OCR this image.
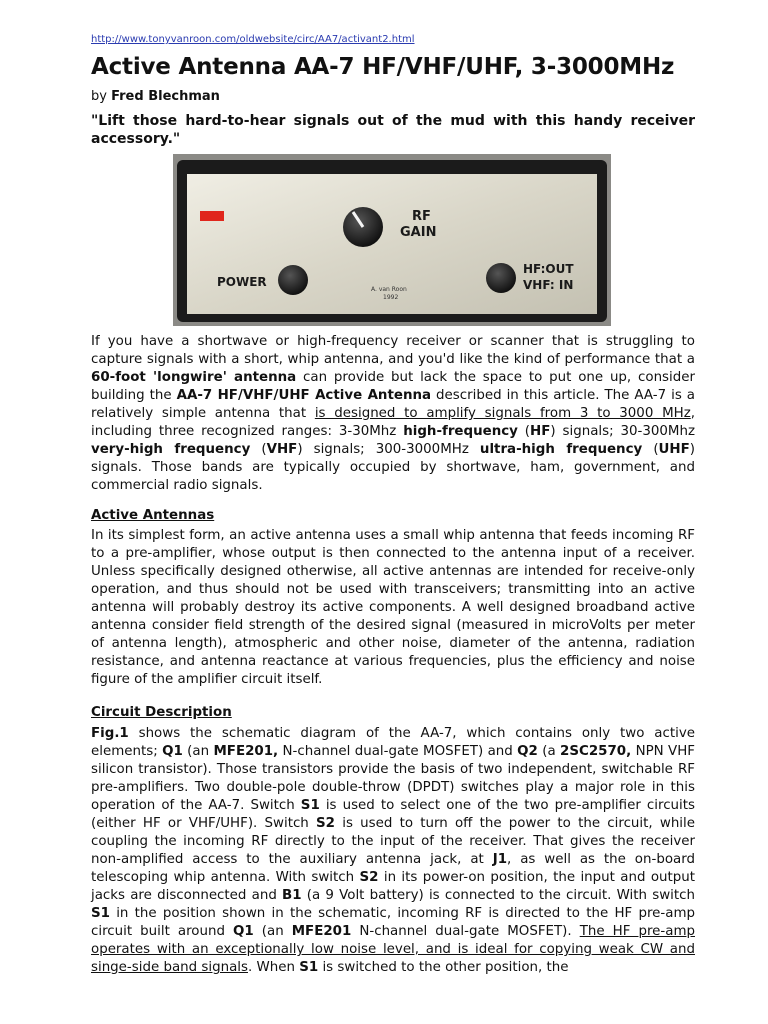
http://www.tonyvanroon.com/oldwebsite/circ/AA7/activant2.html
Active Antenna AA-7 HF/VHF/UHF, 3-3000MHz
by Fred Blechman
"Lift those hard-to-hear signals out of the mud with this handy receiver accessory."
RF
GAIN
POWER
HF:OUT
VHF: IN
A. van Roon
1992
If you have a shortwave or high-frequency receiver or scanner that is struggling to capture signals with a short, whip antenna, and you'd like the kind of performance that a 60-foot 'longwire' antenna can provide but lack the space to put one up, consider building the AA-7 HF/VHF/UHF Active Antenna described in this article. The AA-7 is a relatively simple antenna that is designed to amplify signals from 3 to 3000 MHz, including three recognized ranges: 3-30Mhz high-frequency (HF) signals; 30-300Mhz very-high frequency (VHF) signals; 300-3000MHz ultra-high frequency (UHF) signals. Those bands are typically occupied by shortwave, ham, government, and commercial radio signals.
Active Antennas
In its simplest form, an active antenna uses a small whip antenna that feeds incoming RF to a pre-amplifier, whose output is then connected to the antenna input of a receiver. Unless specifically designed otherwise, all active antennas are intended for receive-only operation, and thus should not be used with transceivers; transmitting into an active antenna will probably destroy its active components. A well designed broadband active antenna consider field strength of the desired signal (measured in microVolts per meter of antenna length), atmospheric and other noise, diameter of the antenna, radiation resistance, and antenna reactance at various frequencies, plus the efficiency and noise figure of the amplifier circuit itself.
Circuit Description
Fig.1 shows the schematic diagram of the AA-7, which contains only two active elements; Q1 (an MFE201, N-channel dual-gate MOSFET) and Q2 (a 2SC2570, NPN VHF silicon transistor). Those transistors provide the basis of two independent, switchable RF pre-amplifiers. Two double-pole double-throw (DPDT) switches play a major role in this operation of the AA-7. Switch S1 is used to select one of the two pre-amplifier circuits (either HF or VHF/UHF). Switch S2 is used to turn off the power to the circuit, while coupling the incoming RF directly to the input of the receiver. That gives the receiver non-amplified access to the auxiliary antenna jack, at J1, as well as the on-board telescoping whip antenna. With switch S2 in its power-on position, the input and output jacks are disconnected and B1 (a 9 Volt battery) is connected to the circuit. With switch S1 in the position shown in the schematic, incoming RF is directed to the HF pre-amp circuit built around Q1 (an MFE201 N-channel dual-gate MOSFET). The HF pre-amp operates with an exceptionally low noise level, and is ideal for copying weak CW and singe-side band signals. When S1 is switched to the other position, the
